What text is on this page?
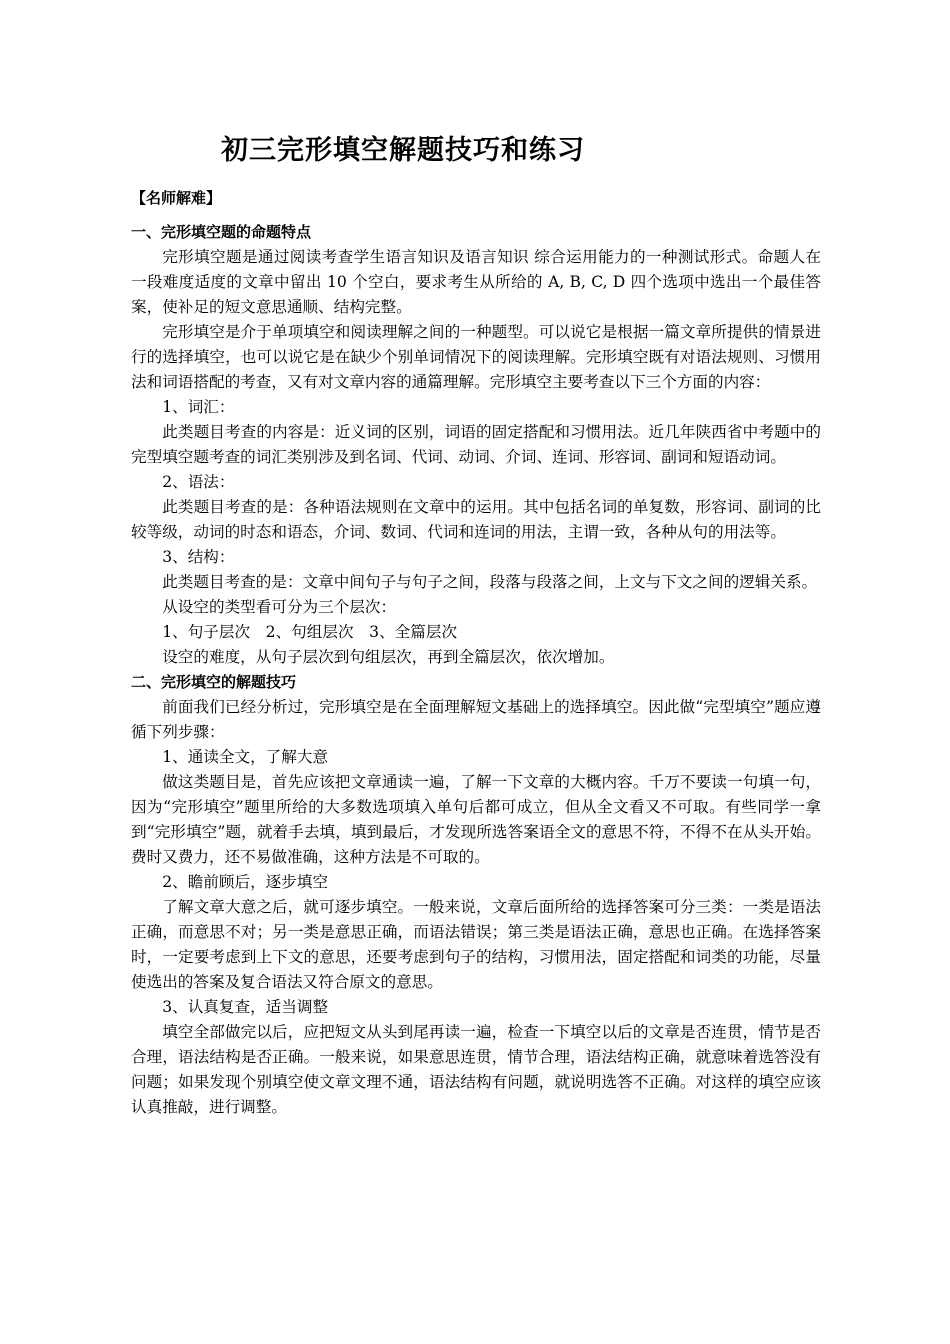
初三完形填空解题技巧和练习

【名师解难】

一、完形填空题的命题特点

完形填空题是通过阅读考查学生语言知识及语言知识 综合运用能力的一种测试形式。命题人在一段难度适度的文章中留出 10 个空白，要求考生从所给的 A, B, C, D 四个选项中选出一个最佳答案，使补足的短文意思通顺、结构完整。

完形填空是介于单项填空和阅读理解之间的一种题型。可以说它是根据一篇文章所提供的情景进行的选择填空，也可以说它是在缺少个别单词情况下的阅读理解。完形填空既有对语法规则、习惯用法和词语搭配的考查，又有对文章内容的通篇理解。完形填空主要考查以下三个方面的内容：

1、词汇：

此类题目考查的内容是：近义词的区别，词语的固定搭配和习惯用法。近几年陕西省中考题中的完型填空题考查的词汇类别涉及到名词、代词、动词、介词、连词、形容词、副词和短语动词。

2、语法：

此类题目考查的是：各种语法规则在文章中的运用。其中包括名词的单复数，形容词、副词的比较等级，动词的时态和语态，介词、数词、代词和连词的用法，主谓一致，各种从句的用法等。

3、结构：

此类题目考查的是：文章中间句子与句子之间，段落与段落之间，上文与下文之间的逻辑关系。

从设空的类型看可分为三个层次：

1、句子层次　2、句组层次　3、全篇层次

设空的难度，从句子层次到句组层次，再到全篇层次，依次增加。

二、完形填空的解题技巧

前面我们已经分析过，完形填空是在全面理解短文基础上的选择填空。因此做“完型填空”题应遵循下列步骤：

1、通读全文，了解大意

做这类题目是，首先应该把文章通读一遍，了解一下文章的大概内容。千万不要读一句填一句，因为“完形填空”题里所给的大多数选项填入单句后都可成立，但从全文看又不可取。有些同学一拿到“完形填空”题，就着手去填，填到最后，才发现所选答案语全文的意思不符，不得不在从头开始。费时又费力，还不易做准确，这种方法是不可取的。

2、瞻前顾后，逐步填空

了解文章大意之后，就可逐步填空。一般来说，文章后面所给的选择答案可分三类：一类是语法正确，而意思不对；另一类是意思正确，而语法错误；第三类是语法正确，意思也正确。在选择答案时，一定要考虑到上下文的意思，还要考虑到句子的结构，习惯用法，固定搭配和词类的功能，尽量使选出的答案及复合语法又符合原文的意思。

3、认真复查，适当调整

填空全部做完以后，应把短文从头到尾再读一遍，检查一下填空以后的文章是否连贯，情节是否合理，语法结构是否正确。一般来说，如果意思连贯，情节合理，语法结构正确，就意味着选答没有问题；如果发现个别填空使文章文理不通，语法结构有问题，就说明选答不正确。对这样的填空应该认真推敲，进行调整。
